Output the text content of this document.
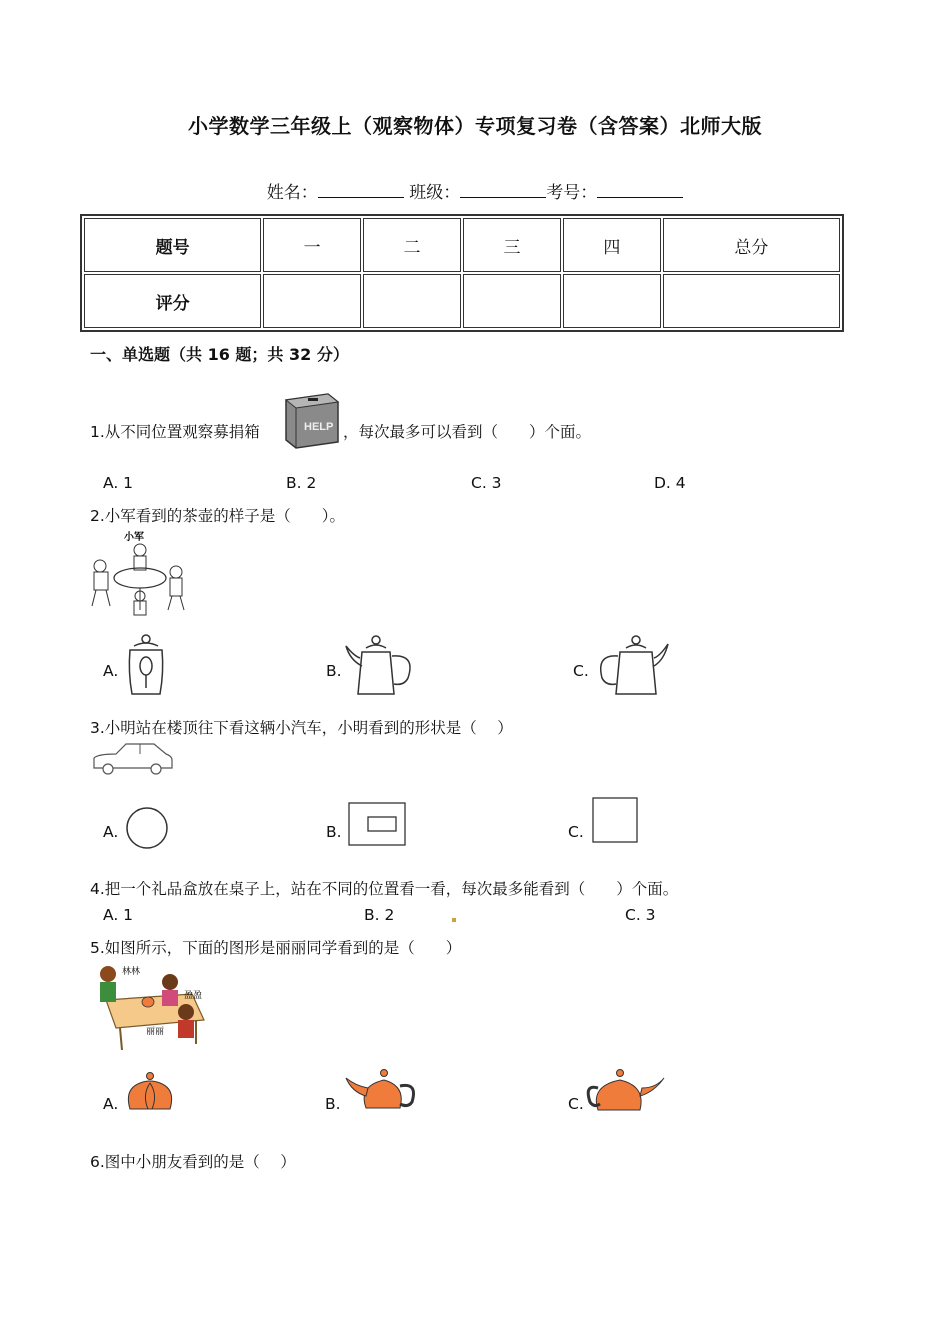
小学数学三年级上（观察物体）专项复习卷（含答案）北师大版
姓名：	班级：	考号：
题号	一	二	三	四	总分
评分					
一、单选题（共 16 题；共 32 分）
1.从不同位置观察募捐箱	HELP ，每次最多可以看到（　　）个面。
A. 1	B. 2	C. 3	D. 4
2.小军看到的茶壶的样子是（　　）。
小军
A.	B.	C.
3.小明站在楼顶往下看这辆小汽车，小明看到的形状是（　 ）
A.	B.	C.
4.把一个礼品盒放在桌子上，站在不同的位置看一看，每次最多能看到（　　）个面。
A. 1	B. 2	C. 3
5.如图所示，下面的图形是丽丽同学看到的是（　　）
林林
盈盈
丽丽
A.	B.	C.
6.图中小朋友看到的是（　 ）
